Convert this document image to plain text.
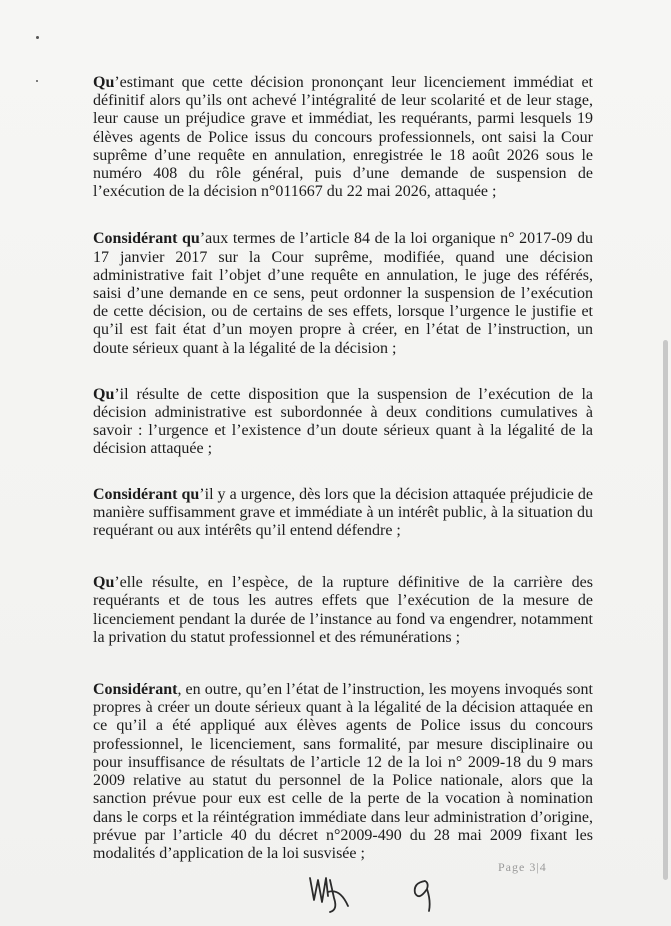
Qu’estimant que cette décision prononçant leur licenciement immédiat et définitif alors qu’ils ont achevé l’intégralité de leur scolarité et de leur stage, leur cause un préjudice grave et immédiat, les requérants, parmi lesquels 19 élèves agents de Police issus du concours professionnels, ont saisi la Cour suprême d’une requête en annulation, enregistrée le 18 août 2026 sous le numéro 408 du rôle général, puis d’une demande de suspension de l’exécution de la décision n°011667 du 22 mai 2026, attaquée ;

Considérant qu’aux termes de l’article 84 de la loi organique n° 2017-09 du 17 janvier 2017 sur la Cour suprême, modifiée, quand une décision administrative fait l’objet d’une requête en annulation, le juge des référés, saisi d’une demande en ce sens, peut ordonner la suspension de l’exécution de cette décision, ou de certains de ses effets, lorsque l’urgence le justifie et qu’il est fait état d’un moyen propre à créer, en l’état de l’instruction, un doute sérieux quant à la légalité de la décision ;

Qu’il résulte de cette disposition que la suspension de l’exécution de la décision administrative est subordonnée à deux conditions cumulatives à savoir : l’urgence et l’existence d’un doute sérieux quant à la légalité de la décision attaquée ;

Considérant qu’il y a urgence, dès lors que la décision attaquée préjudicie de manière suffisamment grave et immédiate à un intérêt public, à la situation du requérant ou aux intérêts qu’il entend défendre ;

Qu’elle résulte, en l’espèce, de la rupture définitive de la carrière des requérants et de tous les autres effets que l’exécution de la mesure de licenciement pendant la durée de l’instance au fond va engendrer, notamment la privation du statut professionnel et des rémunérations ;

Considérant, en outre, qu’en l’état de l’instruction, les moyens invoqués sont propres à créer un doute sérieux quant à la légalité de la décision attaquée en ce qu’il a été appliqué aux élèves agents de Police issus du concours professionnel, le licenciement, sans formalité, par mesure disciplinaire ou pour insuffisance de résultats de l’article 12 de la loi n° 2009-18 du 9 mars 2009 relative au statut du personnel de la Police nationale, alors que la sanction prévue pour eux est celle de la perte de la vocation à nomination dans le corps et la réintégration immédiate dans leur administration d’origine, prévue par l’article 40 du décret n°2009-490 du 28 mai 2009 fixant les modalités d’application de la loi susvisée ;

Page 3|4
